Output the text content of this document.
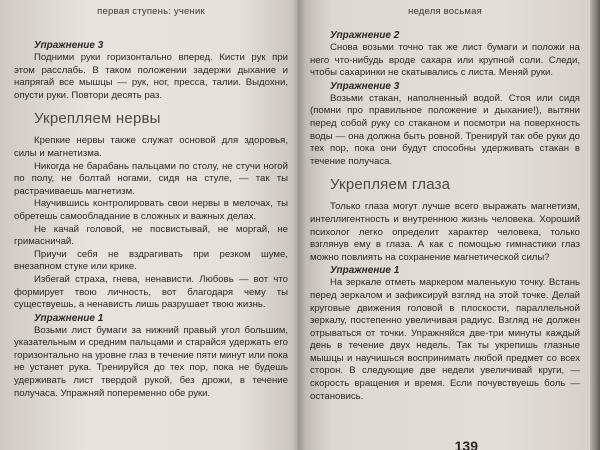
первая ступень: ученик
Упражнение 3

Подними руки горизонтально вперед. Кисти рук при этом расслабь. В таком положении задержи дыхание и напрягай все мышцы — рук, ног, пресса, талии. Выдохни, опусти руки. Повтори десять раз.

Укрепляем нервы

Крепкие нервы также служат основой для здоровья, силы и магнетизма.

Никогда не барабань пальцами по столу, не стучи ногой по полу, не болтай ногами, сидя на стуле, — так ты растрачиваешь магнетизм.

Научившись контролировать свои нервы в мелочах, ты обретешь самообладание в сложных и важных делах.

Не качай головой, не посвистывай, не моргай, не гримасничай.

Приучи себя не вздрагивать при резком шуме, внезапном стуке или крике.

Избегай страха, гнева, ненависти. Любовь — вот что формирует твою личность, вот благодаря чему ты существуешь, а ненависть лишь разрушает твою жизнь.

Упражнение 1

Возьми лист бумаги за нижний правый угол большим, указательным и средним пальцами и старайся удержать его горизонтально на уровне глаз в течение пяти минут или пока не устанет рука. Тренируйся до тех пор, пока не будешь удерживать лист твердой рукой, без дрожи, в течение получаса. Упражняй попеременно обе руки.

неделя восьмая
Упражнение 2

Снова возьми точно так же лист бумаги и положи на него что-нибудь вроде сахара или крупной соли. Следи, чтобы сахаринки не скатывались с листа. Меняй руки.

Упражнение 3

Возьми стакан, наполненный водой. Стоя или сидя (помни про правильное положение и дыхание!), вытяни перед собой руку со стаканом и посмотри на поверхность воды — она должна быть ровной. Тренируй так обе руки до тех пор, пока они будут способны удерживать стакан в течение получаса.

Укрепляем глаза

Только глаза могут лучше всего выражать магнетизм, интеллигентность и внутреннюю жизнь человека. Хороший психолог легко определит характер человека, только взглянув ему в глаза. А как с помощью гимнастики глаз можно повлиять на сохранение магнетической силы?

Упражнение 1

На зеркале отметь маркером маленькую точку. Встань перед зеркалом и зафиксируй взгляд на этой точке. Делай круговые движения головой в плоскости, параллельной зеркалу, постепенно увеличивая радиус. Взгляд не должен отрываться от точки. Упражняйся две-три минуты каждый день в течение двух недель. Так ты укрепишь глазные мышцы и научишься воспринимать любой предмет со всех сторон. В следующие две недели увеличивай круги, — скорость вращения и время. Если почувствуешь боль — остановись.

139
